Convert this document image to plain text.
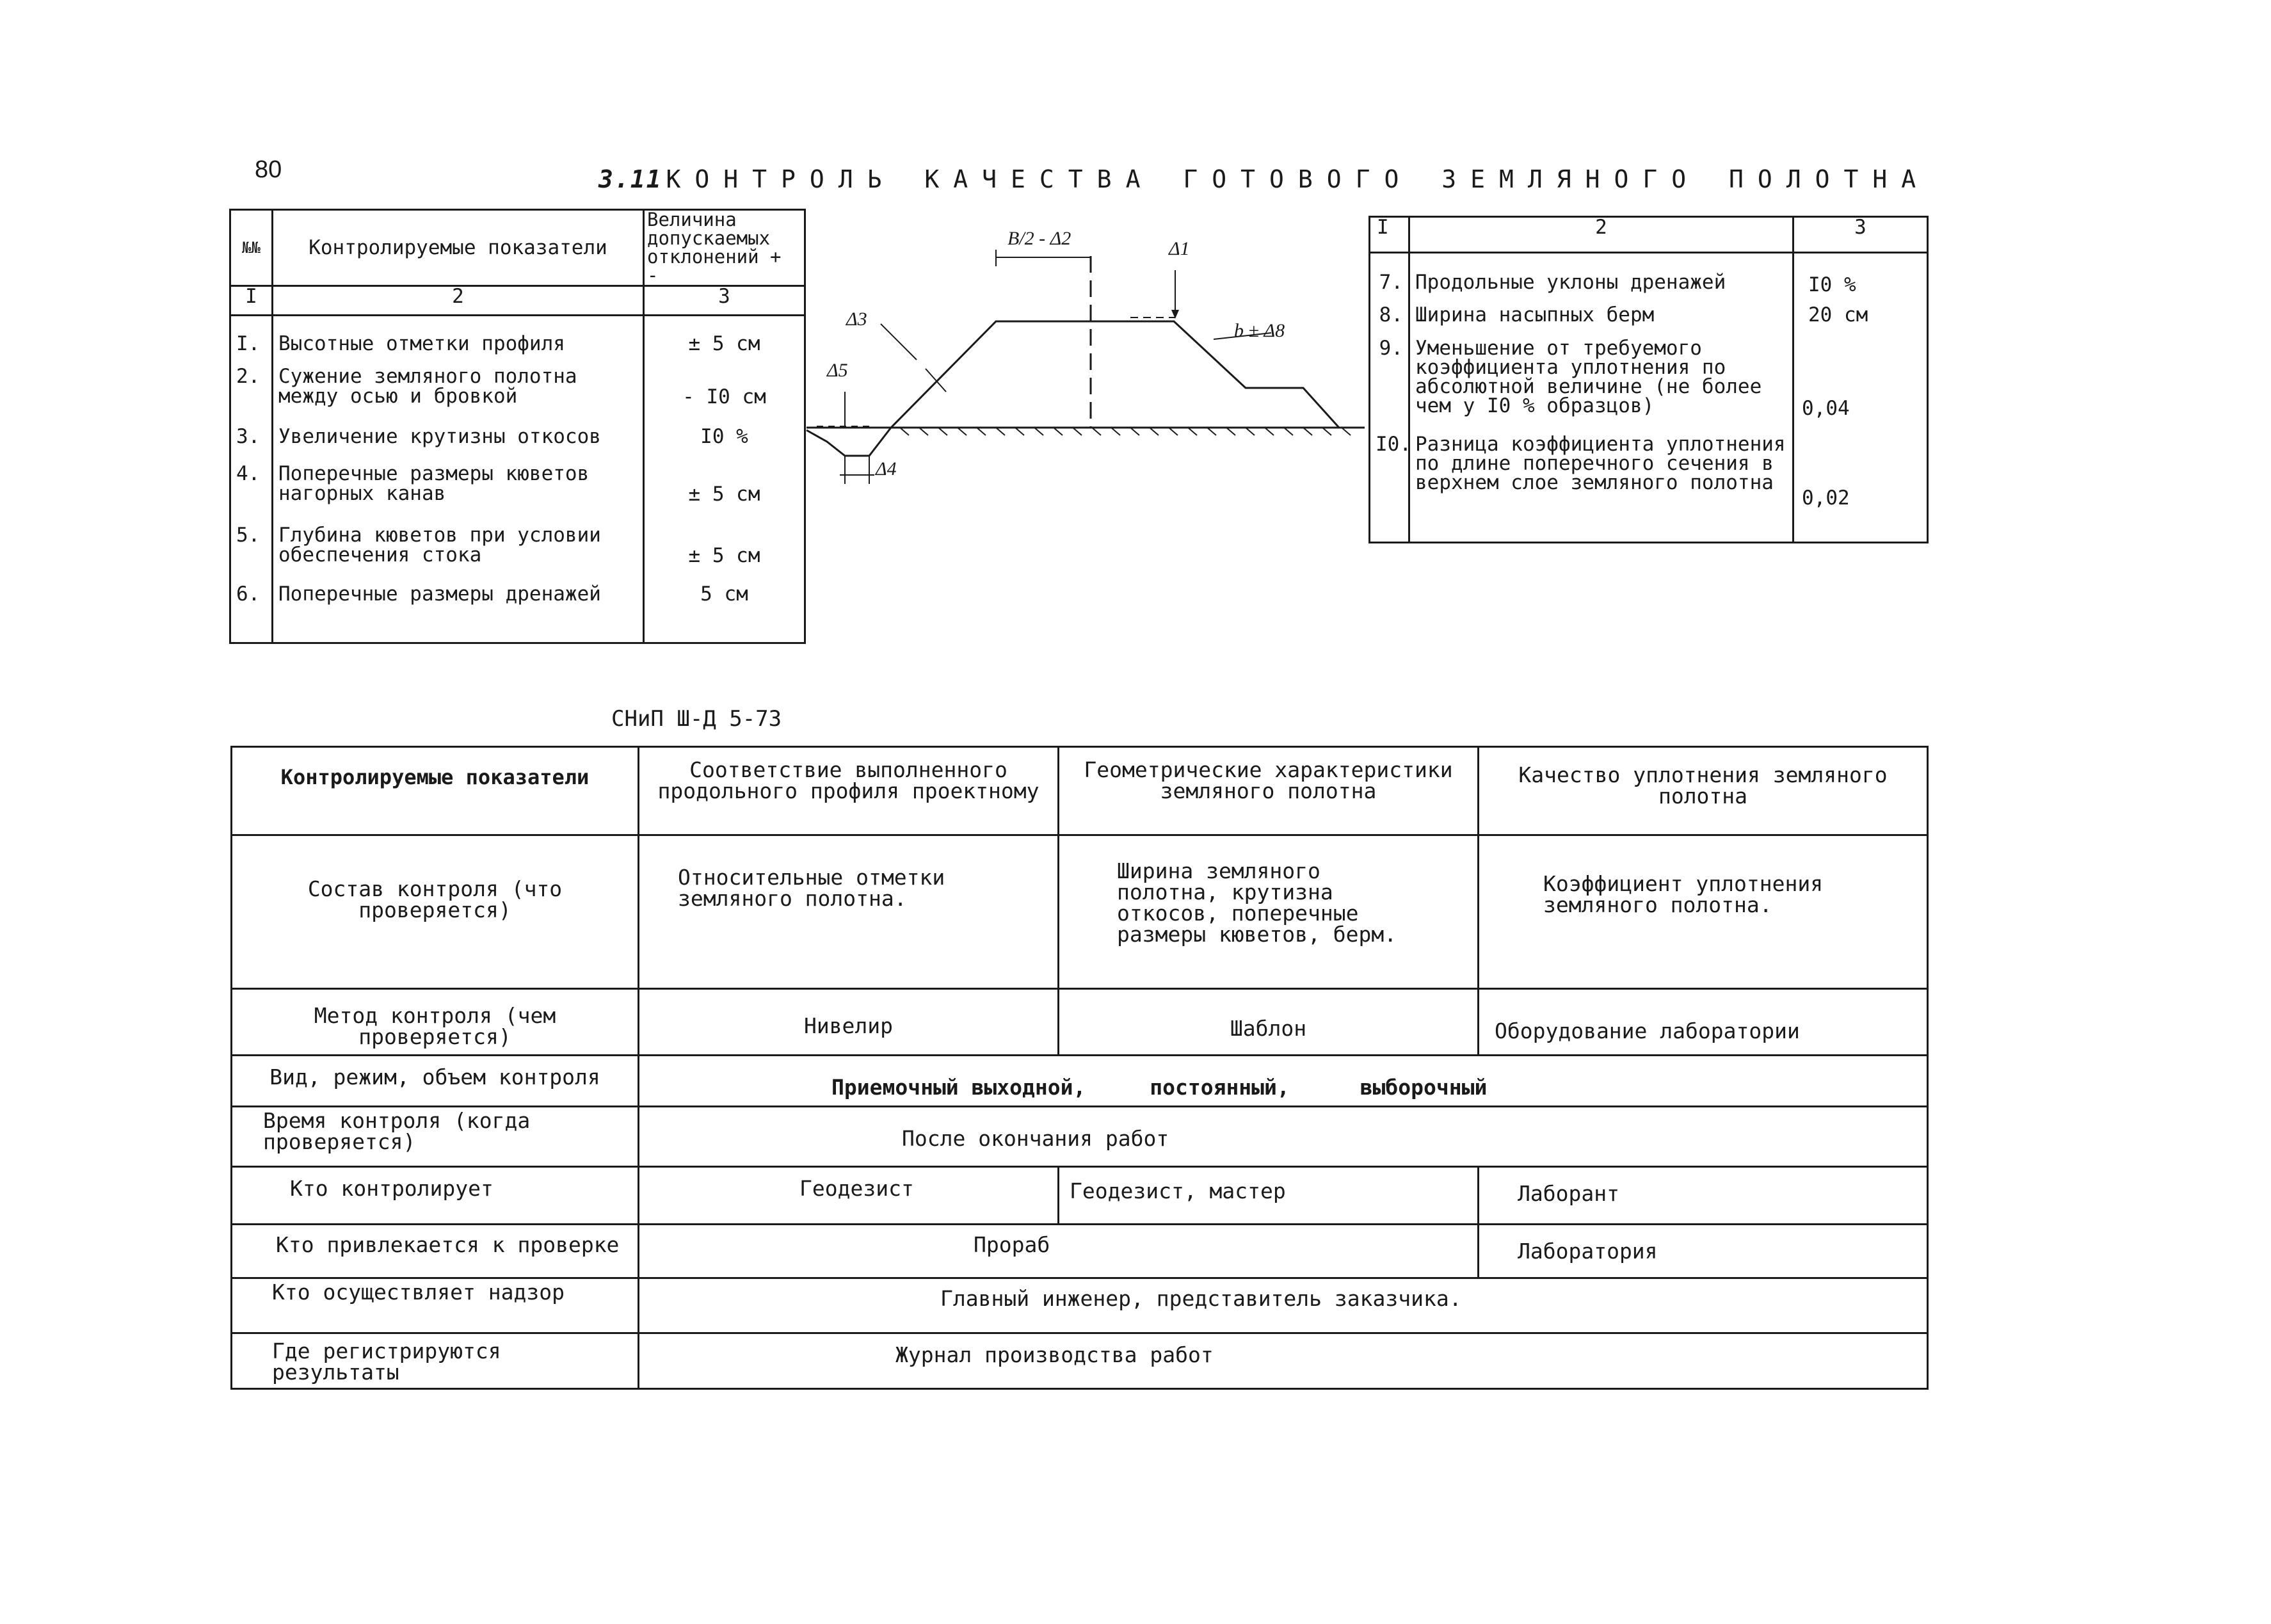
80	3.11 КОНТРОЛЬ КАЧЕСТВА ГОТОВОГО ЗЕМЛЯНОГО ПОЛОТНА
№№	Контролируемые показатели	Величина допускаемых отклонений + -
I	2	3
I.	Высотные отметки профиля	± 5 см
2.	Сужение земляного полотна между осью и бровкой	- I0 см
3.	Увеличение крутизны откосов	I0 %
4.	Поперечные размеры кюветов нагорных канав	± 5 см
5.	Глубина кюветов при условии обеспечения стока	± 5 см
6.	Поперечные размеры дренажей	5 см
B/2 - Δ2	Δ1
Δ3
Δ5
Δ4
b ± Δ8
I	2	3
7.	Продольные уклоны дренажей	I0 %
8.	Ширина насыпных берм	20 см
9.	Уменьшение от требуемого коэффициента уплотнения по абсолютной величине (не более чем у I0 % образцов)	0,04
I0.	Разница коэффициента уплотнения по длине поперечного сечения в верхнем слое земляного полотна	0,02
СНиП Ш-Д 5-73
Контролируемые показатели	Соответствие выполненного продольного профиля проектному	Геометрические характеристики земляного полотна	Качество уплотнения земляного полотна
Состав контроля (что проверяется)	Относительные отметки земляного полотна.	Ширина земляного полотна, крутизна откосов, поперечные размеры кюветов, берм.	Коэффициент уплотнения земляного полотна.
Метод контроля (чем проверяется)	Нивелир	Шаблон	Оборудование лаборатории
Вид, режим, объем контроля	Приемочный выходной, постоянный, выборочный		
Время контроля (когда проверяется)	После окончания работ		
Кто контролирует	Геодезист	Геодезист, мастер	Лаборант
Кто привлекается к проверке	Прораб		Лаборатория
Кто осуществляет надзор	Главный инженер, представитель заказчика.		
Где регистрируются результаты	Журнал производства работ		
